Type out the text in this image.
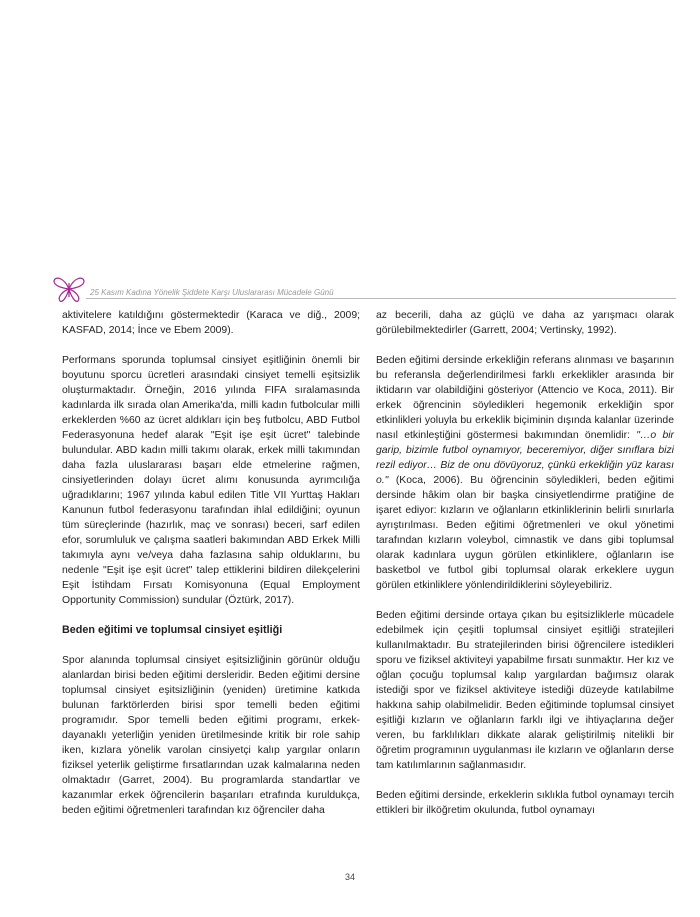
25 Kasım Kadına Yönelik Şiddete Karşı Uluslararası Mücadele Günü

aktivitelere katıldığını göstermektedir (Karaca ve diğ., 2009; KASFAD, 2014; İnce ve Ebem 2009).

Performans sporunda toplumsal cinsiyet eşitliğinin önemli bir boyutunu sporcu ücretleri arasındaki cinsiyet temelli eşitsizlik oluşturmaktadır. Örneğin, 2016 yılında FIFA sıralamasında kadınlarda ilk sırada olan Amerika'da, milli kadın futbolcular milli erkeklerden %60 az ücret aldıkları için beş futbolcu, ABD Futbol Federasyonuna hedef alarak "Eşit işe eşit ücret" talebinde bulundular. ABD kadın milli takımı olarak, erkek milli takımından daha fazla uluslararası başarı elde etmelerine rağmen, cinsiyetlerinden dolayı ücret alımı konusunda ayrımcılığa uğradıklarını; 1967 yılında kabul edilen Title VII Yurttaş Hakları Kanunun futbol federasyonu tarafından ihlal edildiğini; oyunun tüm süreçlerinde (hazırlık, maç ve sonrası) beceri, sarf edilen efor, sorumluluk ve çalışma saatleri bakımından ABD Erkek Milli takımıyla aynı ve/veya daha fazlasına sahip olduklarını, bu nedenle "Eşit işe eşit ücret" talep ettiklerini bildiren dilekçelerini Eşit İstihdam Fırsatı Komisyonuna (Equal Employment Opportunity Commission) sundular (Öztürk, 2017).

Beden eğitimi ve toplumsal cinsiyet eşitliği

Spor alanında toplumsal cinsiyet eşitsizliğinin görünür olduğu alanlardan birisi beden eğitimi dersleridir. Beden eğitimi dersine toplumsal cinsiyet eşitsizliğinin (yeniden) üretimine katkıda bulunan farktörlerden birisi spor temelli beden eğitimi programıdır. Spor temelli beden eğitimi programı, erkek-dayanaklı yeterliğin yeniden üretilmesinde kritik bir role sahip iken, kızlara yönelik varolan cinsiyetçi kalıp yargılar onların fiziksel yeterlik geliştirme fırsatlarından uzak kalmalarına neden olmaktadır (Garret, 2004). Bu programlarda standartlar ve kazanımlar erkek öğrencilerin başarıları etrafında kuruldukça, beden eğitimi öğretmenleri tarafından kız öğrenciler daha

az becerili, daha az güçlü ve daha az yarışmacı olarak görülebilmektedirler (Garrett, 2004; Vertinsky, 1992).

Beden eğitimi dersinde erkekliğin referans alınması ve başarının bu referansla değerlendirilmesi farklı erkeklikler arasında bir iktidarın var olabildiğini gösteriyor (Attencio ve Koca, 2011). Bir erkek öğrencinin söyledikleri hegemonik erkekliğin spor etkinlikleri yoluyla bu erkeklik biçiminin dışında kalanlar üzerinde nasıl etkinleştiğini göstermesi bakımından önemlidir: "…o bir garip, bizimle futbol oynamıyor, beceremiyor, diğer sınıflara bizi rezil ediyor… Biz de onu dövüyoruz, çünkü erkekliğin yüz karası o." (Koca, 2006). Bu öğrencinin söyledikleri, beden eğitimi dersinde hâkim olan bir başka cinsiyetlendirme pratiğine de işaret ediyor: kızların ve oğlanların etkinliklerinin belirli sınırlarla ayrıştırılması. Beden eğitimi öğretmenleri ve okul yönetimi tarafından kızların voleybol, cimnastik ve dans gibi toplumsal olarak kadınlara uygun görülen etkinliklere, oğlanların ise basketbol ve futbol gibi toplumsal olarak erkeklere uygun görülen etkinliklere yönlendirildiklerini söyleyebiliriz.

Beden eğitimi dersinde ortaya çıkan bu eşitsizliklerle mücadele edebilmek için çeşitli toplumsal cinsiyet eşitliği stratejileri kullanılmaktadır. Bu stratejilerinden birisi öğrencilere istedikleri sporu ve fiziksel aktiviteyi yapabilme fırsatı sunmaktır. Her kız ve oğlan çocuğu toplumsal kalıp yargılardan bağımsız olarak istediği spor ve fiziksel aktiviteye istediği düzeyde katılabilme hakkına sahip olabilmelidir. Beden eğitiminde toplumsal cinsiyet eşitliği kızların ve oğlanların farklı ilgi ve ihtiyaçlarına değer veren, bu farklılıkları dikkate alarak geliştirilmiş nitelikli bir öğretim programının uygulanması ile kızların ve oğlanların derse tam katılımlarının sağlanmasıdır.

Beden eğitimi dersinde, erkeklerin sıklıkla futbol oynamayı tercih ettikleri bir ilköğretim okulunda, futbol oynamayı

34
